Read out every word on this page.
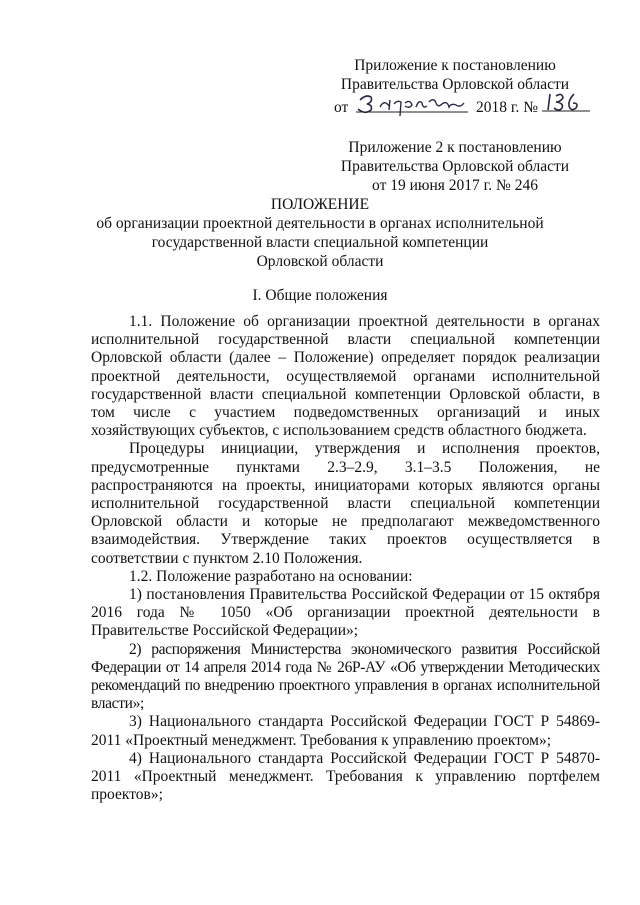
Приложение к постановлению
Правительства Орловской области
от	2018 г. №
Приложение 2 к постановлению
Правительства Орловской области
от 19 июня 2017 г. № 246
ПОЛОЖЕНИЕ
об организации проектной деятельности в органах исполнительной
государственной власти специальной компетенции
Орловской области
I. Общие положения

1.1. Положение об организации проектной деятельности в органах исполнительной государственной власти специальной компетенции Орловской области (далее – Положение) определяет порядок реализации проектной деятельности, осуществляемой органами исполнительной государственной власти специальной компетенции Орловской области, в том числе с участием подведомственных организаций и иных хозяйствующих субъектов, с использованием средств областного бюджета.

Процедуры инициации, утверждения и исполнения проектов, предусмотренные пунктами 2.3–2.9, 3.1–3.5 Положения, не распространяются на проекты, инициаторами которых являются органы исполнительной государственной власти специальной компетенции Орловской области и которые не предполагают межведомственного взаимодействия. Утверждение таких проектов осуществляется в соответствии с пунктом 2.10 Положения.

1.2. Положение разработано на основании:

1) постановления Правительства Российской Федерации от 15 октября 2016 года № 1050 «Об организации проектной деятельности в Правительстве Российской Федерации»;

2) распоряжения Министерства экономического развития Российской Федерации от 14 апреля 2014 года № 26Р-АУ «Об утверждении Методических рекомендаций по внедрению проектного управления в органах исполнительной власти»;

3) Национального стандарта Российской Федерации ГОСТ Р 54869-2011 «Проектный менеджмент. Требования к управлению проектом»;

4) Национального стандарта Российской Федерации ГОСТ Р 54870-2011 «Проектный менеджмент. Требования к управлению портфелем проектов»;
